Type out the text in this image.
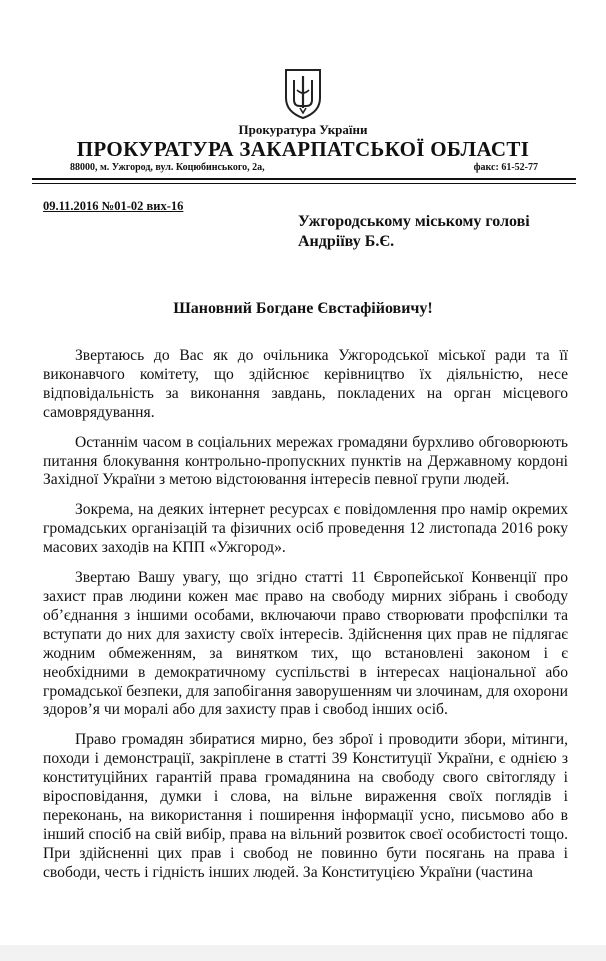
Прокуратура України
ПРОКУРАТУРА ЗАКАРПАТСЬКОЇ ОБЛАСТІ
88000, м. Ужгород, вул. Коцюбинського, 2а,	факс: 61-52-77
09.11.2016 №01-02 вих-16
Ужгородському міському голові
Андріїву Б.Є.
Шановний Богдане Євстафійовичу!

Звертаюсь до Вас як до очільника Ужгородської міської ради та її виконавчого комітету, що здійснює керівництво їх діяльністю, несе відповідальність за виконання завдань, покладених на орган місцевого самоврядування.

Останнім часом в соціальних мережах громадяни бурхливо обговорюють питання блокування контрольно-пропускних пунктів на Державному кордоні Західної України з метою відстоювання інтересів певної групи людей.

Зокрема, на деяких інтернет ресурсах є повідомлення про намір окремих громадських організацій та фізичних осіб проведення 12 листопада 2016 року масових заходів на КПП «Ужгород».

Звертаю Вашу увагу, що згідно статті 11 Європейської Конвенції про захист прав людини кожен має право на свободу мирних зібрань і свободу об’єднання з іншими особами, включаючи право створювати профспілки та вступати до них для захисту своїх інтересів. Здійснення цих прав не підлягає жодним обмеженням, за винятком тих, що встановлені законом і є необхідними в демократичному суспільстві в інтересах національної або громадської безпеки, для запобігання заворушенням чи злочинам, для охорони здоров’я чи моралі або для захисту прав і свобод інших осіб.

Право громадян збиратися мирно, без зброї і проводити збори, мітинги, походи і демонстрації, закріплене в статті 39 Конституції України, є однією з конституційних гарантій права громадянина на свободу свого світогляду і віросповідання, думки і слова, на вільне вираження своїх поглядів і переконань, на використання і поширення інформації усно, письмово або в інший спосіб на свій вибір, права на вільний розвиток своєї особистості тощо. При здійсненні цих прав і свобод не повинно бути посягань на права і свободи, честь і гідність інших людей. За Конституцією України (частина
